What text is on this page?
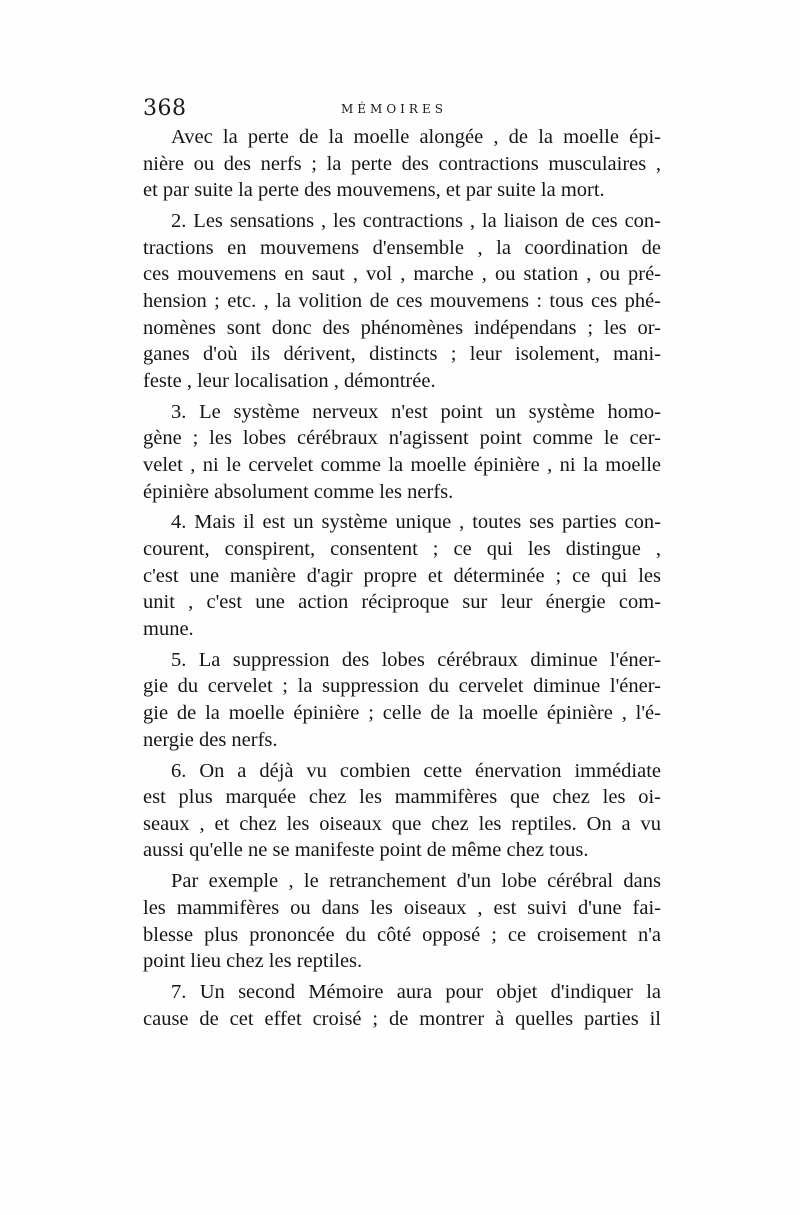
368	MÉMOIRES
Avec la perte de la moelle alongée , de la moelle épi-
nière ou des nerfs ; la perte des contractions musculaires ,
et par suite la perte des mouvemens, et par suite la mort.
2. Les sensations , les contractions , la liaison de ces con-
tractions en mouvemens d'ensemble , la coordination de
ces mouvemens en saut , vol , marche , ou station , ou pré-
hension ; etc. , la volition de ces mouvemens : tous ces phé-
nomènes sont donc des phénomènes indépendans ; les or-
ganes d'où ils dérivent, distincts ; leur isolement, mani-
feste , leur localisation , démontrée.
3. Le système nerveux n'est point un système homo-
gène ; les lobes cérébraux n'agissent point comme le cer-
velet , ni le cervelet comme la moelle épinière , ni la moelle
épinière absolument comme les nerfs.
4. Mais il est un système unique , toutes ses parties con-
courent, conspirent, consentent ; ce qui les distingue ,
c'est une manière d'agir propre et déterminée ; ce qui les
unit , c'est une action réciproque sur leur énergie com-
mune.
5. La suppression des lobes cérébraux diminue l'éner-
gie du cervelet ; la suppression du cervelet diminue l'éner-
gie de la moelle épinière ; celle de la moelle épinière , l'é-
nergie des nerfs.
6. On a déjà vu combien cette énervation immédiate
est plus marquée chez les mammifères que chez les oi-
seaux , et chez les oiseaux que chez les reptiles. On a vu
aussi qu'elle ne se manifeste point de même chez tous.
Par exemple , le retranchement d'un lobe cérébral dans
les mammifères ou dans les oiseaux , est suivi d'une fai-
blesse plus prononcée du côté opposé ; ce croisement n'a
point lieu chez les reptiles.
7. Un second Mémoire aura pour objet d'indiquer la
cause de cet effet croisé ; de montrer à quelles parties il
